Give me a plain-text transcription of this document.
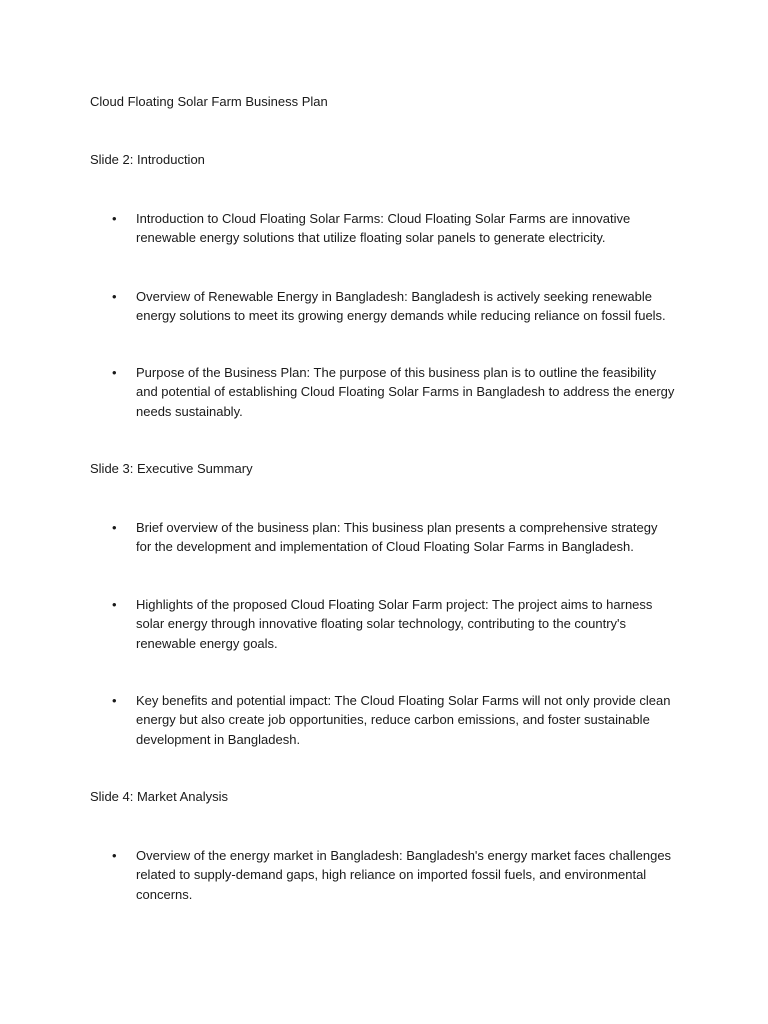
Cloud Floating Solar Farm Business Plan
Slide 2: Introduction
•	Introduction to Cloud Floating Solar Farms: Cloud Floating Solar Farms are innovative renewable energy solutions that utilize floating solar panels to generate electricity.
•	Overview of Renewable Energy in Bangladesh: Bangladesh is actively seeking renewable energy solutions to meet its growing energy demands while reducing reliance on fossil fuels.
•	Purpose of the Business Plan: The purpose of this business plan is to outline the feasibility and potential of establishing Cloud Floating Solar Farms in Bangladesh to address the energy needs sustainably.
Slide 3: Executive Summary
•	Brief overview of the business plan: This business plan presents a comprehensive strategy for the development and implementation of Cloud Floating Solar Farms in Bangladesh.
•	Highlights of the proposed Cloud Floating Solar Farm project: The project aims to harness solar energy through innovative floating solar technology, contributing to the country's renewable energy goals.
•	Key benefits and potential impact: The Cloud Floating Solar Farms will not only provide clean energy but also create job opportunities, reduce carbon emissions, and foster sustainable development in Bangladesh.
Slide 4: Market Analysis
•	Overview of the energy market in Bangladesh: Bangladesh's energy market faces challenges related to supply-demand gaps, high reliance on imported fossil fuels, and environmental concerns.
